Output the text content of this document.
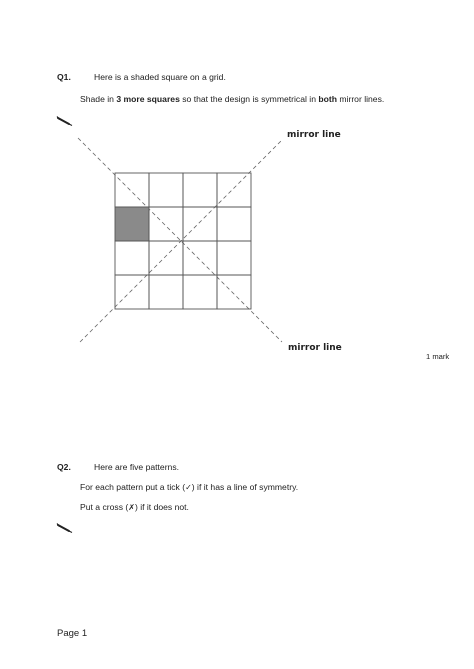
Q1.	Here is a shaded square on a grid.
Shade in 3 more squares so that the design is symmetrical in both mirror lines.
mirror line
mirror line
1 mark
Q2.	Here are five patterns.
For each pattern put a tick (✓) if it has a line of symmetry.
Put a cross (✗) if it does not.
Page 1
